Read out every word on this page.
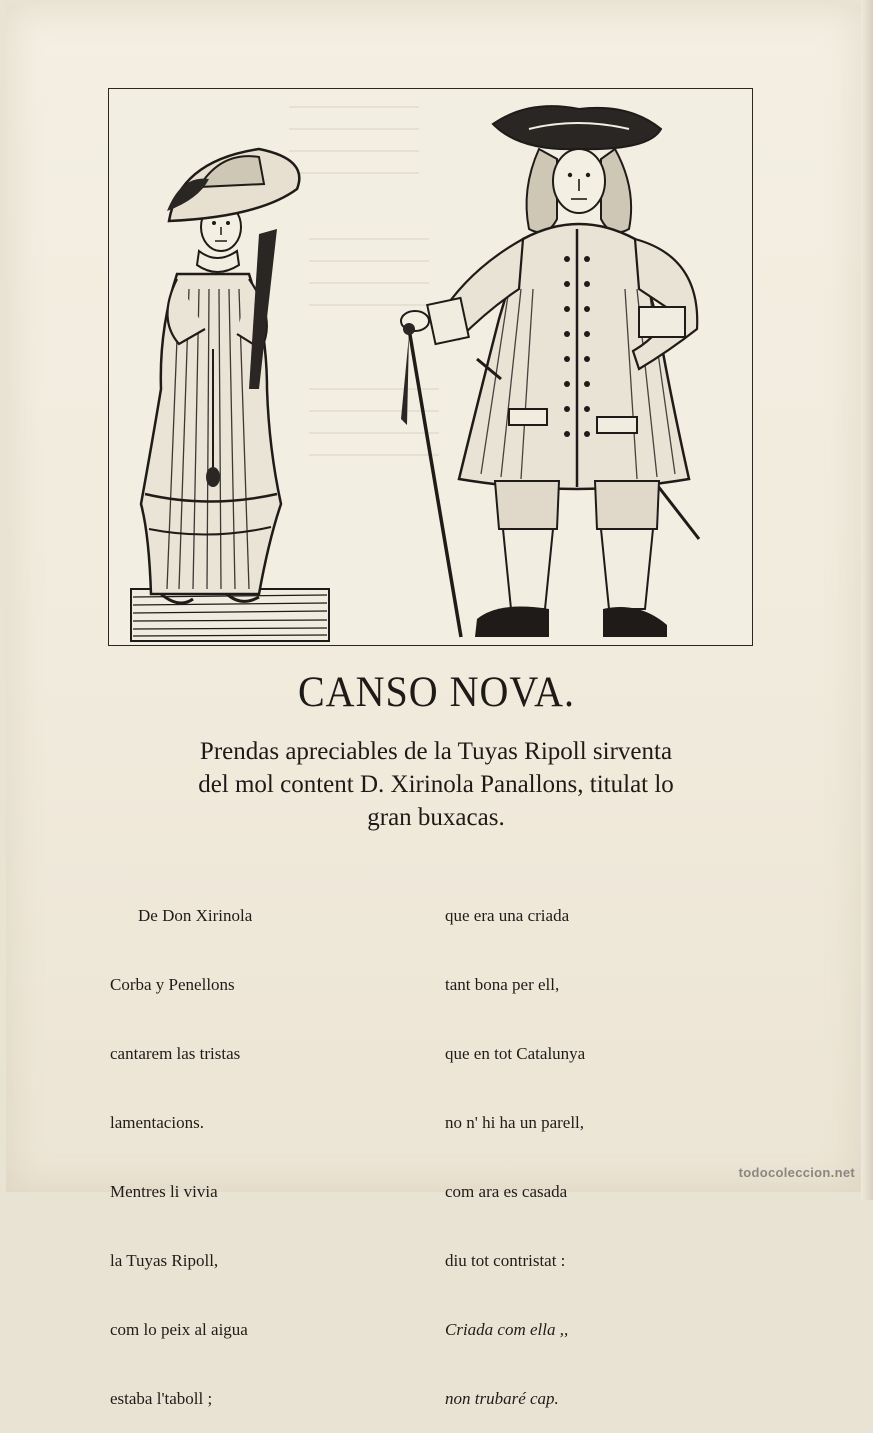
CANSO NOVA.
Prendas apreciables de la Tuyas Ripoll sirventa
del mol content D. Xirinola Panallons, titulat lo
gran buxacas.

De Don Xirinola

Corba y Penellons

cantarem las tristas

lamentacions.

Mentres li vivia

la Tuyas Ripoll,

com lo peix al aigua

estaba l'taboll ;

que era una criada

tant bona per ell,

que en tot Catalunya

no n' hi ha un parell,

com ara es casada

diu tot contristat :

Criada com ella ,,

non trubaré cap.

todocoleccion.net
